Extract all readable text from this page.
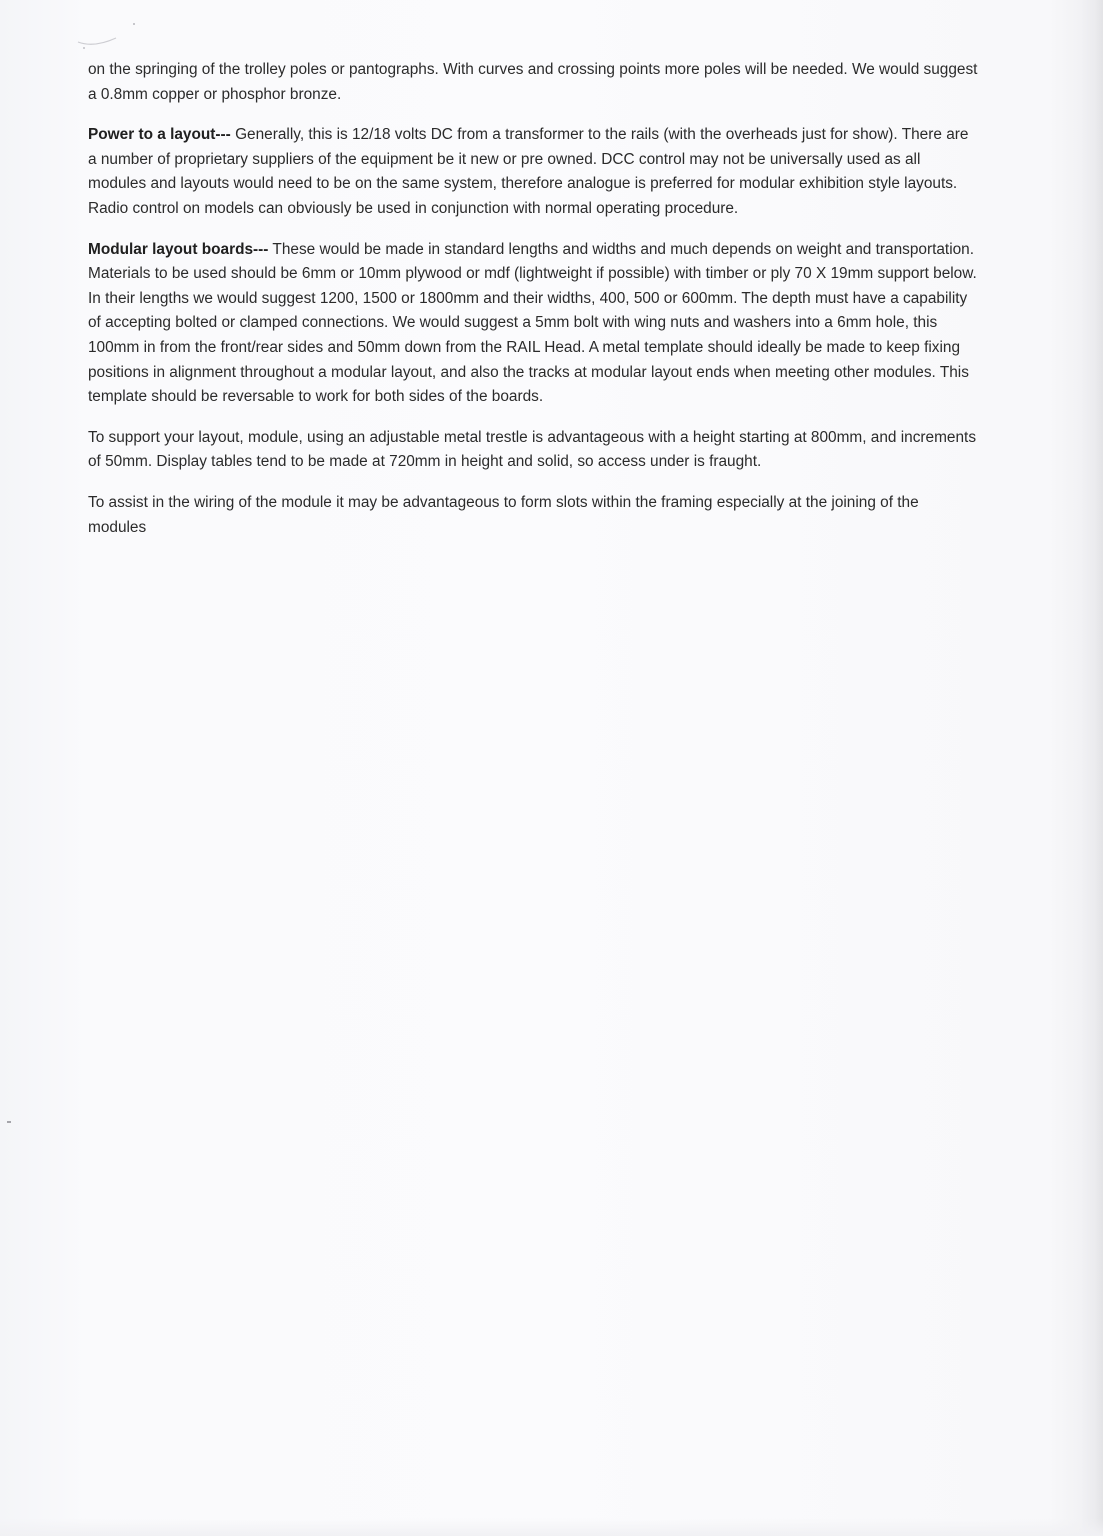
on the springing of the trolley poles or pantographs. With curves and crossing points more poles will be needed. We would suggest a 0.8mm copper or phosphor bronze.

Power to a layout--- Generally, this is 12/18 volts DC from a transformer to the rails (with the overheads just for show). There are a number of proprietary suppliers of the equipment be it new or pre owned. DCC control may not be universally used as all modules and layouts would need to be on the same system, therefore analogue is preferred for modular exhibition style layouts. Radio control on models can obviously be used in conjunction with normal operating procedure.

Modular layout boards--- These would be made in standard lengths and widths and much depends on weight and transportation. Materials to be used should be 6mm or 10mm plywood or mdf (lightweight if possible) with timber or ply 70 X 19mm support below. In their lengths we would suggest 1200, 1500 or 1800mm and their widths, 400, 500 or 600mm. The depth must have a capability of accepting bolted or clamped connections. We would suggest a 5mm bolt with wing nuts and washers into a 6mm hole, this 100mm in from the front/rear sides and 50mm down from the RAIL Head. A metal template should ideally be made to keep fixing positions in alignment throughout a modular layout, and also the tracks at modular layout ends when meeting other modules. This template should be reversable to work for both sides of the boards.

To support your layout, module, using an adjustable metal trestle is advantageous with a height starting at 800mm, and increments of 50mm. Display tables tend to be made at 720mm in height and solid, so access under is fraught.

To assist in the wiring of the module it may be advantageous to form slots within the framing especially at the joining of the modules
